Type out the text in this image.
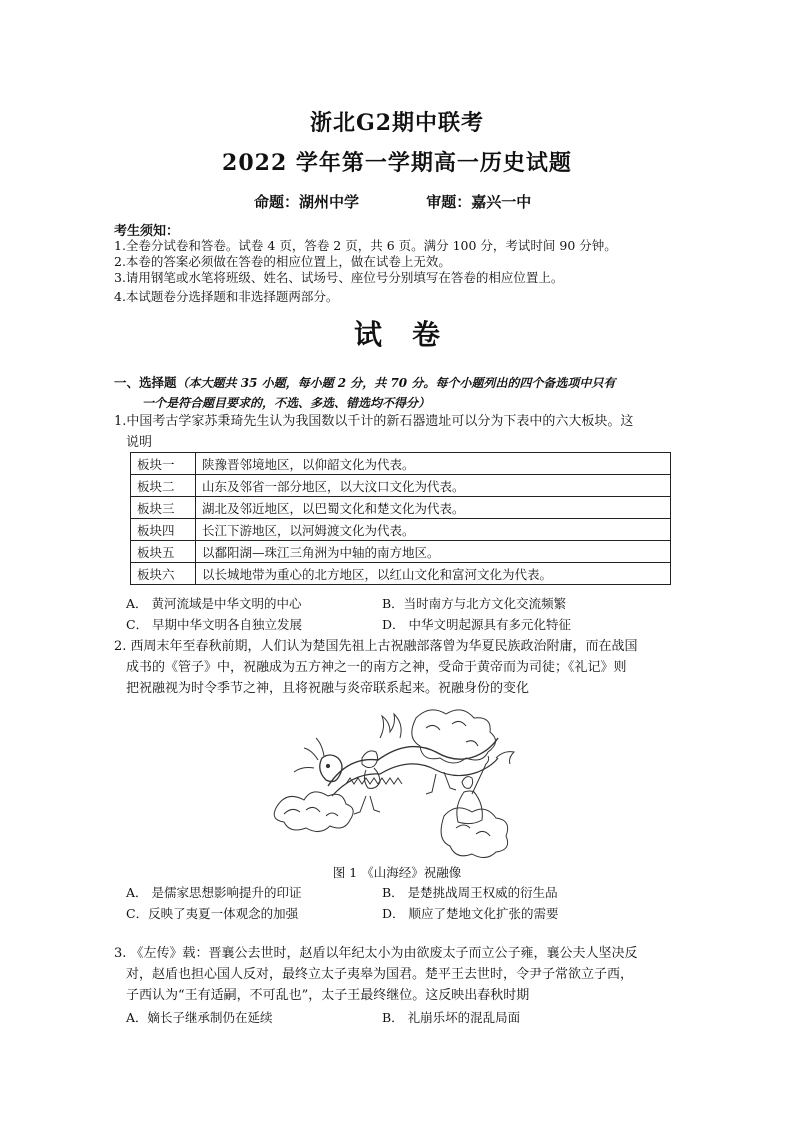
浙北G2期中联考
2022 学年第一学期高一历史试题
命题：湖州中学	审题：嘉兴一中
考生须知：
1.全卷分试卷和答卷。试卷 4 页，答卷 2 页，共 6 页。满分 100 分，考试时间 90 分钟。
2.本卷的答案必须做在答卷的相应位置上，做在试卷上无效。
3.请用钢笔或水笔将班级、姓名、试场号、座位号分别填写在答卷的相应位置上。
4.本试题卷分选择题和非选择题两部分。
试卷
一、选择题（本大题共 35 小题，每小题 2 分，共 70 分。每个小题列出的四个备选项中只有
一个是符合题目要求的，不选、多选、错选均不得分）
1.中国考古学家苏秉琦先生认为我国数以千计的新石器遗址可以分为下表中的六大板块。这
说明
板块一	陕豫晋邻境地区，以仰韶文化为代表。
板块二	山东及邻省一部分地区，以大汶口文化为代表。
板块三	湖北及邻近地区，以巴蜀文化和楚文化为代表。
板块四	长江下游地区，以河姆渡文化为代表。
板块五	以鄱阳湖—珠江三角洲为中轴的南方地区。
板块六	以长城地带为重心的北方地区，以红山文化和富河文化为代表。
A． 黄河流域是中华文明的中心	B．当时南方与北方文化交流频繁
C． 早期中华文明各自独立发展	D． 中华文明起源具有多元化特征
2. 西周末年至春秋前期，人们认为楚国先祖上古祝融部落曾为华夏民族政治附庸，而在战国
成书的《管子》中，祝融成为五方神之一的南方之神，受命于黄帝而为司徒；《礼记》则
把祝融视为时令季节之神，且将祝融与炎帝联系起来。祝融身份的变化
图 1 《山海经》祝融像
A． 是儒家思想影响提升的印证	B． 是楚挑战周王权威的衍生品
C．反映了夷夏一体观念的加强	D． 顺应了楚地文化扩张的需要
3. 《左传》载：晋襄公去世时，赵盾以年纪太小为由欲废太子而立公子雍，襄公夫人坚决反
对，赵盾也担心国人反对，最终立太子夷皋为国君。楚平王去世时，令尹子常欲立子西，
子西认为“王有适嗣，不可乱也”，太子王最终继位。这反映出春秋时期
A．嫡长子继承制仍在延续	B． 礼崩乐坏的混乱局面
